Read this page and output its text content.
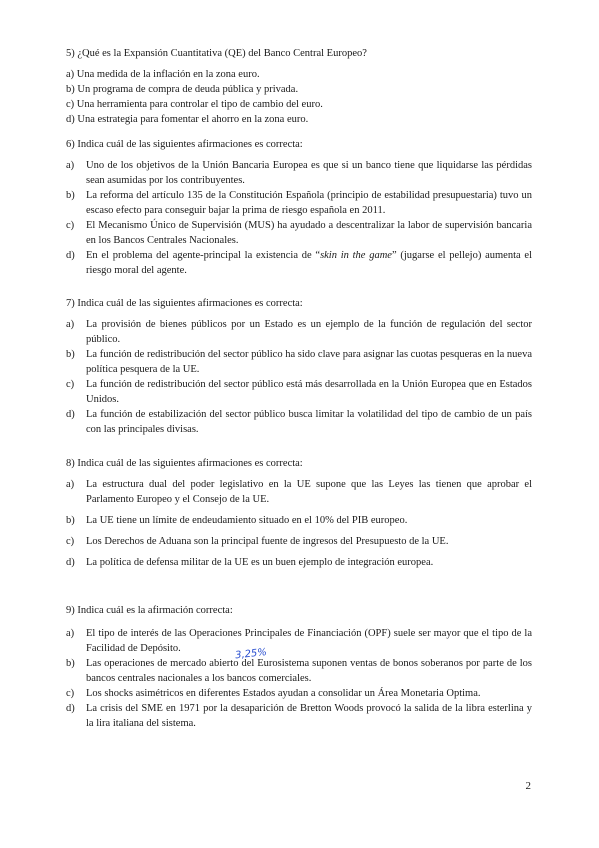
5) ¿Qué es la Expansión Cuantitativa (QE) del Banco Central Europeo?

a) Una medida de la inflación en la zona euro.
b) Un programa de compra de deuda pública y privada.
c) Una herramienta para controlar el tipo de cambio del euro.
d) Una estrategia para fomentar el ahorro en la zona euro.

6) Indica cuál de las siguientes afirmaciones es correcta:

a)	Uno de los objetivos de la Unión Bancaria Europea es que si un banco tiene que liquidarse las pérdidas sean asumidas por los contribuyentes.
b)	La reforma del artículo 135 de la Constitución Española (principio de estabilidad presupuestaria) tuvo un escaso efecto para conseguir bajar la prima de riesgo española en 2011.
c)	El Mecanismo Único de Supervisión (MUS) ha ayudado a descentralizar la labor de supervisión bancaria en los Bancos Centrales Nacionales.
d)	En el problema del agente-principal la existencia de “skin in the game” (jugarse el pellejo) aumenta el riesgo moral del agente.

7) Indica cuál de las siguientes afirmaciones es correcta:

a)	La provisión de bienes públicos por un Estado es un ejemplo de la función de regulación del sector público.
b)	La función de redistribución del sector público ha sido clave para asignar las cuotas pesqueras en la nueva política pesquera de la UE.
c)	La función de redistribución del sector público está más desarrollada en la Unión Europea que en Estados Unidos.
d)	La función de estabilización del sector público busca limitar la volatilidad del tipo de cambio de un país con las principales divisas.

8) Indica cuál de las siguientes afirmaciones es correcta:

a)	La estructura dual del poder legislativo en la UE supone que las Leyes las tienen que aprobar el Parlamento Europeo y el Consejo de la UE.
b)	La UE tiene un límite de endeudamiento situado en el 10% del PIB europeo.
c)	Los Derechos de Aduana son la principal fuente de ingresos del Presupuesto de la UE.
d)	La política de defensa militar de la UE es un buen ejemplo de integración europea.

9) Indica cuál es la afirmación correcta:

a)	El tipo de interés de las Operaciones Principales de Financiación (OPF) suele ser mayor que el tipo de la Facilidad de Depósito.
b)	Las operaciones de mercado abierto del Eurosistema suponen ventas de bonos soberanos por parte de los bancos centrales nacionales a los bancos comerciales.
c)	Los shocks asimétricos en diferentes Estados ayudan a consolidar un Área Monetaria Optima.
d)	La crisis del SME en 1971 por la desaparición de Bretton Woods provocó la salida de la libra esterlina y la lira italiana del sistema.
3,25%
2
